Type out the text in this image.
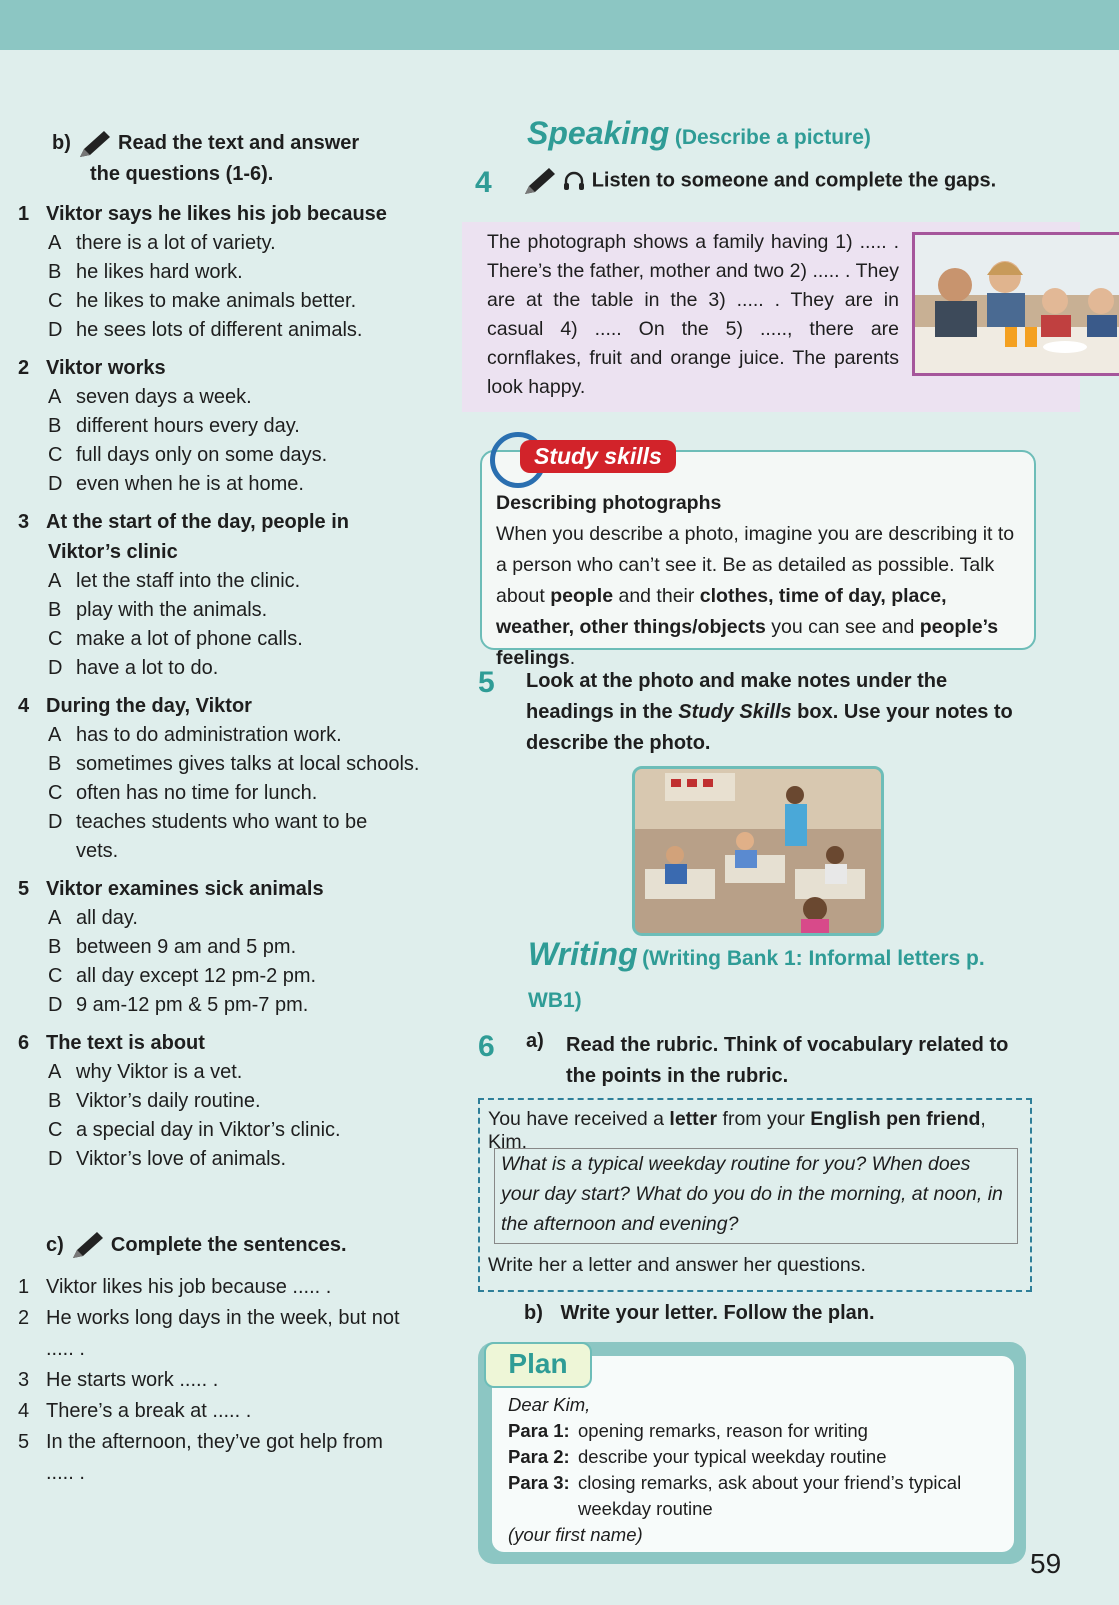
b) Read the text and answer
the questions (1-6).
1 Viktor says he likes his job because
A there is a lot of variety.
B he likes hard work.
C he likes to make animals better.
D he sees lots of different animals.
2 Viktor works
A seven days a week.
B different hours every day.
C full days only on some days.
D even when he is at home.
3 At the start of the day, people in
Viktor’s clinic
A let the staff into the clinic.
B play with the animals.
C make a lot of phone calls.
D have a lot to do.
4 During the day, Viktor
A has to do administration work.
B sometimes gives talks at local schools.
C often has no time for lunch.
D teaches students who want to be
vets.
5 Viktor examines sick animals
A all day.
B between 9 am and 5 pm.
C all day except 12 pm-2 pm.
D 9 am-12 pm & 5 pm-7 pm.
6 The text is about
A why Viktor is a vet.
B Viktor’s daily routine.
C a special day in Viktor’s clinic.
D Viktor’s love of animals.
c) Complete the sentences.
1 Viktor likes his job because ..... .
2 He works long days in the week, but not
..... .
3 He starts work ..... .
4 There’s a break at ..... .
5 In the afternoon, they’ve got help from
..... .
Speaking (Describe a picture)
4	Listen to someone and complete the gaps.
The photograph shows a family having 1) ..... . There’s the father, mother and two 2) ..... . They are at the table in the 3) ..... . They are in casual 4) ..... On the 5) ....., there are cornflakes, fruit and orange juice. The parents look happy.
Study skills
Describing photographs
When you describe a photo, imagine you are describing it to a person who can’t see it. Be as detailed as possible. Talk about people and their clothes, time of day, place, weather, other things/objects you can see and people’s feelings.
5	Look at the photo and make notes under the headings in the Study Skills box. Use your notes to describe the photo.
Writing (Writing Bank 1: Informal letters p. WB1)
6	a)	Read the rubric. Think of vocabulary related to the points in the rubric.
You have received a letter from your English pen friend, Kim.
What is a typical weekday routine for you? When does your day start? What do you do in the morning, at noon, in the afternoon and evening?
Write her a letter and answer her questions.
b) Write your letter. Follow the plan.
Plan
Dear Kim,
Para 1: opening remarks, reason for writing
Para 2: describe your typical weekday routine
Para 3: closing remarks, ask about your friend’s typical
weekday routine
(your first name)
59
